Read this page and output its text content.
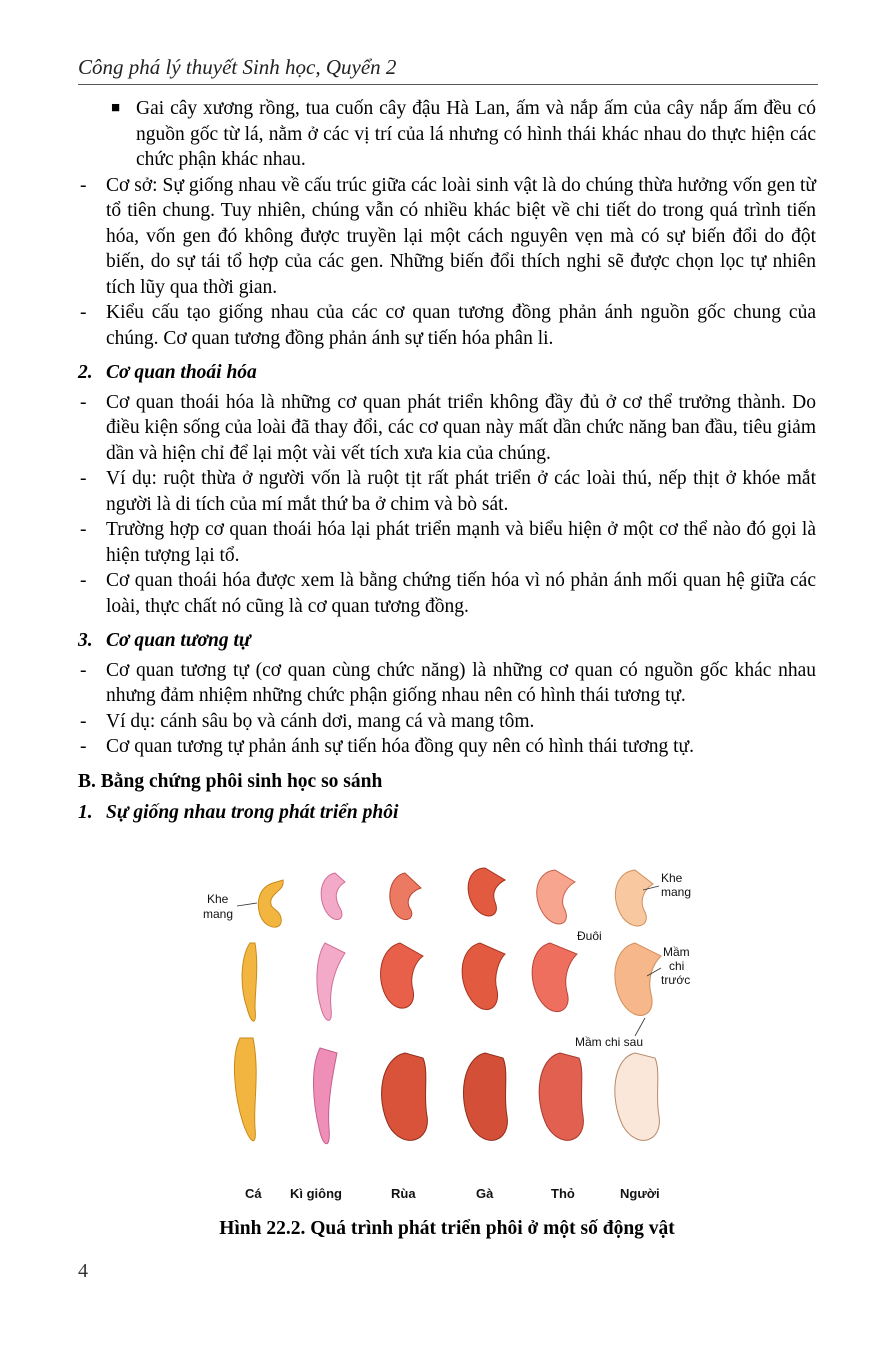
Công phá lý thuyết Sinh học, Quyển 2
■ Gai cây xương rồng, tua cuốn cây đậu Hà Lan, ấm và nắp ấm của cây nắp ấm đều có nguồn gốc từ lá, nằm ở các vị trí của lá nhưng có hình thái khác nhau do thực hiện các chức phận khác nhau.
- Cơ sở: Sự giống nhau về cấu trúc giữa các loài sinh vật là do chúng thừa hưởng vốn gen từ tổ tiên chung. Tuy nhiên, chúng vẫn có nhiều khác biệt về chi tiết do trong quá trình tiến hóa, vốn gen đó không được truyền lại một cách nguyên vẹn mà có sự biến đổi do đột biến, do sự tái tổ hợp của các gen. Những biến đổi thích nghi sẽ được chọn lọc tự nhiên tích lũy qua thời gian.
- Kiểu cấu tạo giống nhau của các cơ quan tương đồng phản ánh nguồn gốc chung của chúng. Cơ quan tương đồng phản ánh sự tiến hóa phân li.
2. Cơ quan thoái hóa
- Cơ quan thoái hóa là những cơ quan phát triển không đầy đủ ở cơ thể trưởng thành. Do điều kiện sống của loài đã thay đổi, các cơ quan này mất dần chức năng ban đầu, tiêu giảm dần và hiện chỉ để lại một vài vết tích xưa kia của chúng.
- Ví dụ: ruột thừa ở người vốn là ruột tịt rất phát triển ở các loài thú, nếp thịt ở khóe mắt người là di tích của mí mắt thứ ba ở chim và bò sát.
- Trường hợp cơ quan thoái hóa lại phát triển mạnh và biểu hiện ở một cơ thể nào đó gọi là hiện tượng lại tổ.
- Cơ quan thoái hóa được xem là bằng chứng tiến hóa vì nó phản ánh mối quan hệ giữa các loài, thực chất nó cũng là cơ quan tương đồng.
3. Cơ quan tương tự
- Cơ quan tương tự (cơ quan cùng chức năng) là những cơ quan có nguồn gốc khác nhau nhưng đảm nhiệm những chức phận giống nhau nên có hình thái tương tự.
- Ví dụ: cánh sâu bọ và cánh dơi, mang cá và mang tôm.
- Cơ quan tương tự phản ánh sự tiến hóa đồng quy nên có hình thái tương tự.
B. Bằng chứng phôi sinh học so sánh
1. Sự giống nhau trong phát triển phôi
Khe
mang
Khe
mang
Đuôi
Mầm
chi
trước
Mầm chi sau
Cá Kì giông	Rùa	Gà	Thỏ	Người
Hình 22.2. Quá trình phát triển phôi ở một số động vật
4
